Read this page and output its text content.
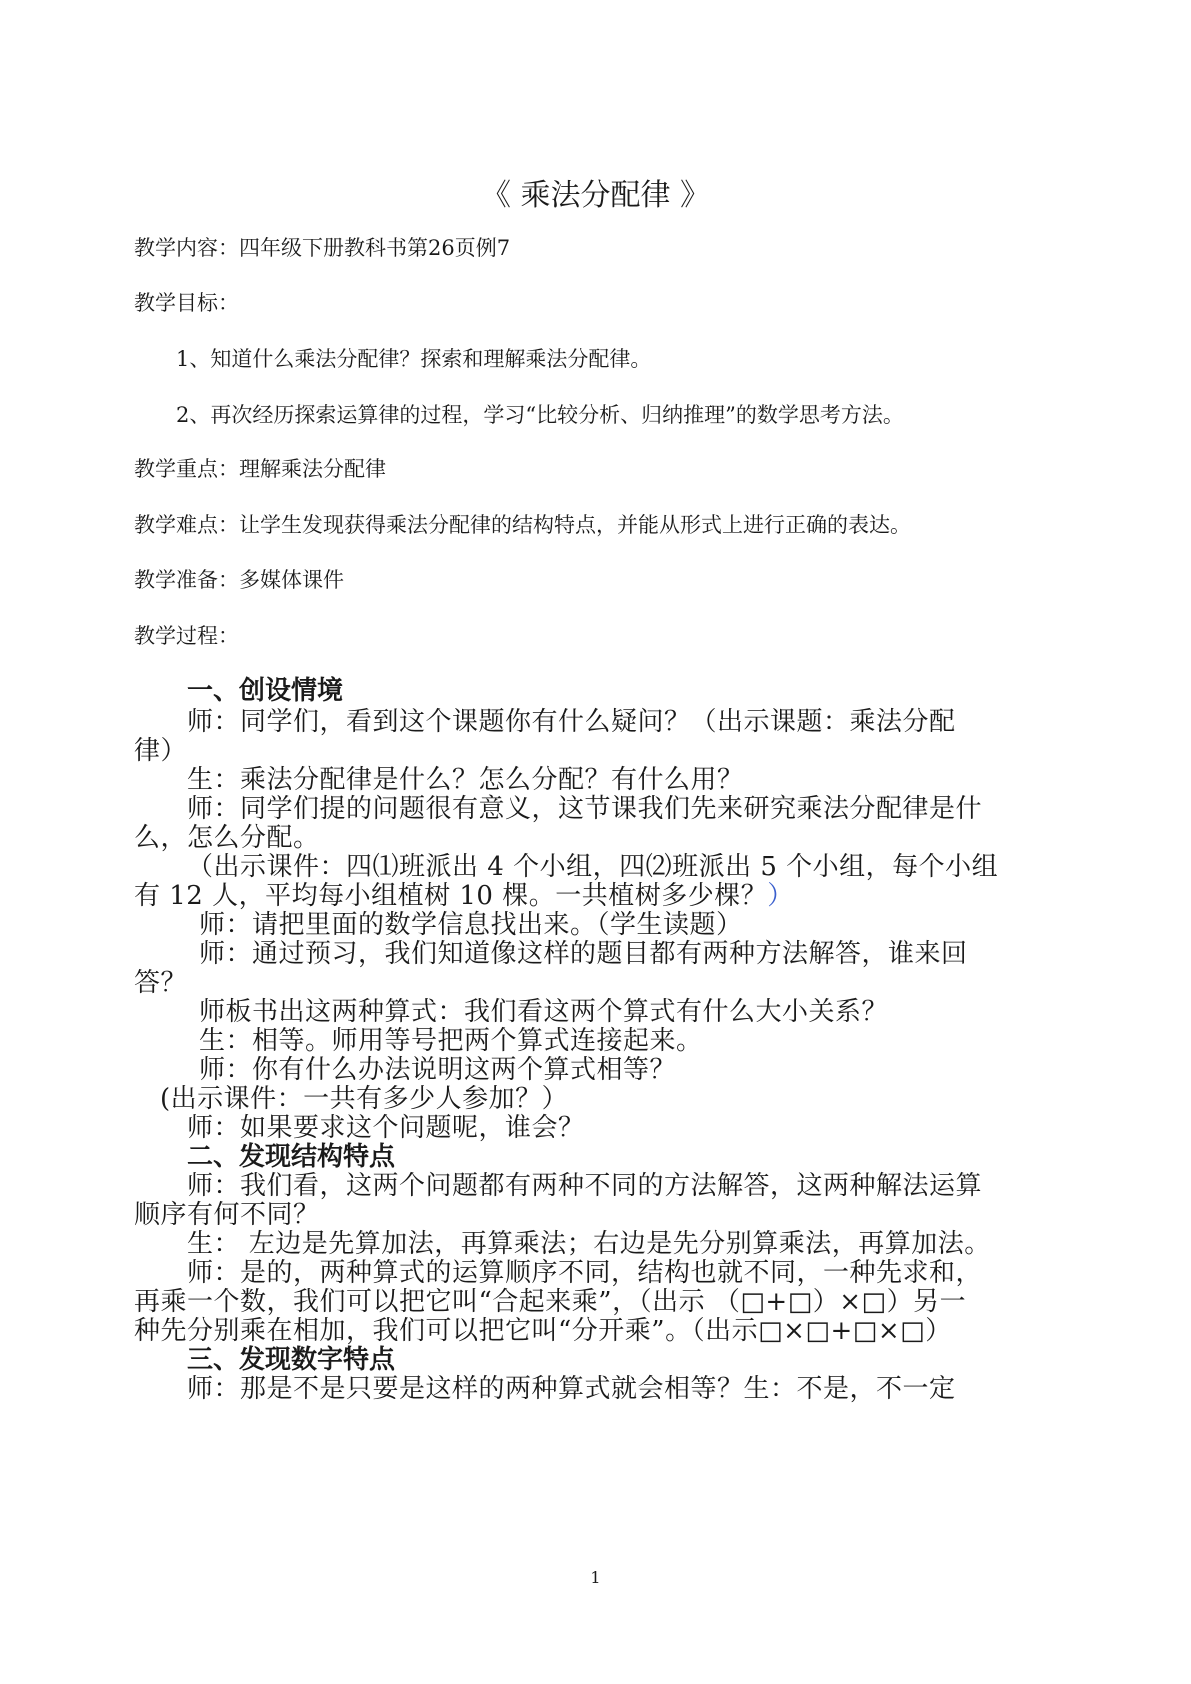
《 乘法分配律 》
教学内容：四年级下册教科书第26页例7
教学目标：
1、知道什么乘法分配律？探索和理解乘法分配律。
2、再次经历探索运算律的过程，学习“比较分析、归纳推理”的数学思考方法。
教学重点：理解乘法分配律
教学难点：让学生发现获得乘法分配律的结构特点，并能从形式上进行正确的表达。
教学准备：多媒体课件
教学过程：
一、创设情境
师：同学们，看到这个课题你有什么疑问？（出示课题：乘法分配
律）
生：乘法分配律是什么？怎么分配？有什么用？
师：同学们提的问题很有意义，这节课我们先来研究乘法分配律是什
么，怎么分配。
（出示课件：四⑴班派出 4 个小组，四⑵班派出 5 个小组，每个小组
有 12 人，平均每小组植树 10 棵。一共植树多少棵？）
师：请把里面的数学信息找出来。（学生读题）
师：通过预习，我们知道像这样的题目都有两种方法解答，谁来回
答？
师板书出这两种算式：我们看这两个算式有什么大小关系？
生：相等。师用等号把两个算式连接起来。
师：你有什么办法说明这两个算式相等？
(出示课件：一共有多少人参加？）
师：如果要求这个问题呢，谁会？
二、发现结构特点
师：我们看，这两个问题都有两种不同的方法解答，这两种解法运算
顺序有何不同？
生： 左边是先算加法，再算乘法；右边是先分别算乘法，再算加法。
师：是的，两种算式的运算顺序不同，结构也就不同，一种先求和，
再乘一个数，我们可以把它叫“合起来乘”，（出示 （□+□）×□）另一
种先分别乘在相加，我们可以把它叫“分开乘”。（出示□×□+□×□）
三、发现数字特点
师：那是不是只要是这样的两种算式就会相等？生：不是，不一定
1
